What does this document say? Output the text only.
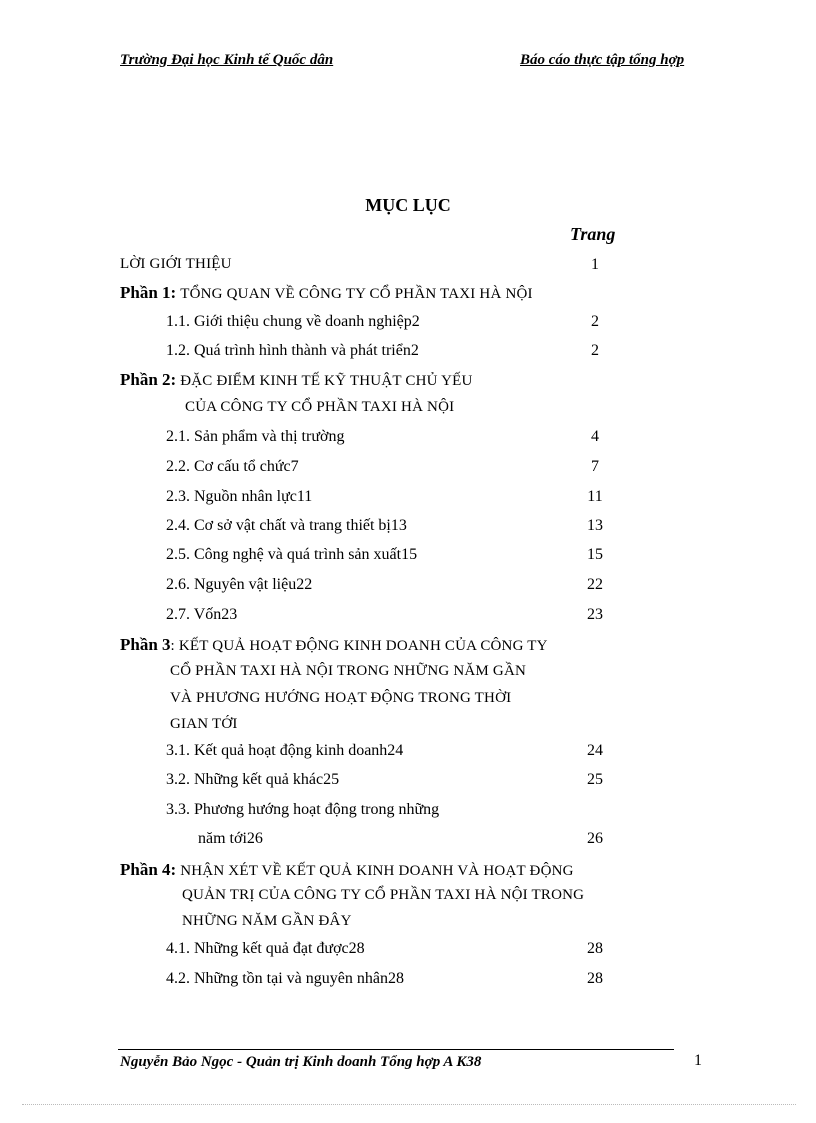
Trường Đại học Kinh tế Quốc dân	Báo cáo thực tập tổng hợp
MỤC LỤC
Trang
LỜI GIỚI THIỆU	1
Phần 1: TỔNG QUAN VỀ CÔNG TY CỔ PHẦN TAXI HÀ NỘI
1.1. Giới thiệu chung về doanh nghiệp2	2
1.2. Quá trình hình thành và phát triển2	2
Phần 2: ĐẶC ĐIỂM KINH TẾ KỸ THUẬT CHỦ YẾU
CỦA CÔNG TY CỔ PHẦN TAXI HÀ NỘI
2.1. Sản phẩm và thị trường	4
2.2. Cơ cấu tổ chức7	7
2.3. Nguồn nhân lực11	11
2.4. Cơ sở vật chất và trang thiết bị13	13
2.5. Công nghệ và quá trình sản xuất15	15
2.6. Nguyên vật liệu22	22
2.7. Vốn23	23
Phần 3: KẾT QUẢ HOẠT ĐỘNG KINH DOANH CỦA CÔNG TY
CỔ PHẦN TAXI HÀ NỘI TRONG NHỮNG NĂM GẦN
VÀ PHƯƠNG HƯỚNG HOẠT ĐỘNG TRONG THỜI
GIAN TỚI
3.1. Kết quả hoạt động kinh doanh24	24
3.2. Những kết quả khác25	25
3.3. Phương hướng hoạt động trong những
năm tới26	26
Phần 4: NHẬN XÉT VỀ KẾT QUẢ KINH DOANH VÀ HOẠT ĐỘNG
QUẢN TRỊ CỦA CÔNG TY CỔ PHẦN TAXI HÀ NỘI TRONG
NHỮNG NĂM GẦN ĐÂY
4.1. Những kết quả đạt được28	28
4.2. Những tồn tại và nguyên nhân28	28
Nguyễn Bảo Ngọc - Quản trị Kinh doanh Tổng hợp A K38	1
